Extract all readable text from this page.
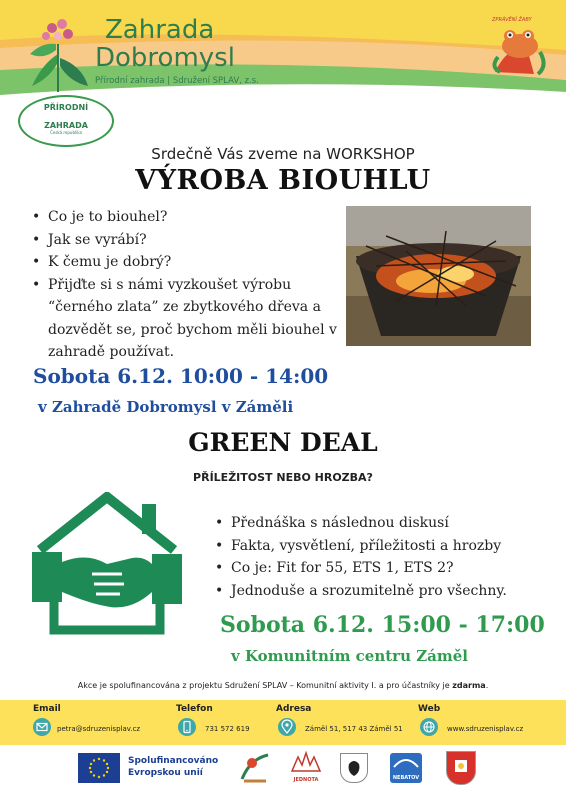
Zahrada
Dobromysl
Přírodní zahrada | Sdružení SPLAV, z.s.
PŘÍRODNÍ
ZAHRADA
Česká republika
ZPRÁVĚNÍ ŽABY
Srdečně Vás zveme na WORKSHOP
VÝROBA BIOUHLU
• Co je to biouhel?
• Jak se vyrábí?
• K čemu je dobrý?
• Přijďte si s námi vyzkoušet výrobu “černého zlata” ze zbytkového dřeva a dozvědět se, proč bychom měli biouhel v zahradě používat.
Sobota 6.12. 10:00 - 14:00
v Zahradě Dobromysl v Záměli
GREEN DEAL
PŘÍLEŽITOST NEBO HROZBA?
• Přednáška s následnou diskusí
• Fakta, vysvětlení, příležitosti a hrozby
• Co je: Fit for 55, ETS 1, ETS 2?
• Jednoduše a srozumitelně pro všechny.
Sobota 6.12. 15:00 - 17:00
v Komunitním centru Záměl
Akce je spolufinancována z projektu Sdružení SPLAV – Komunitní aktivity I. a pro účastníky je zdarma.
Email
petra@sdruzenisplav.cz
Telefon
731 572 619
Adresa
Záměl 51, 517 43 Záměl 51
Web
www.sdruzenisplav.cz
Spolufinancováno
Evropskou unií
JEDNOTA	NEBATOV
